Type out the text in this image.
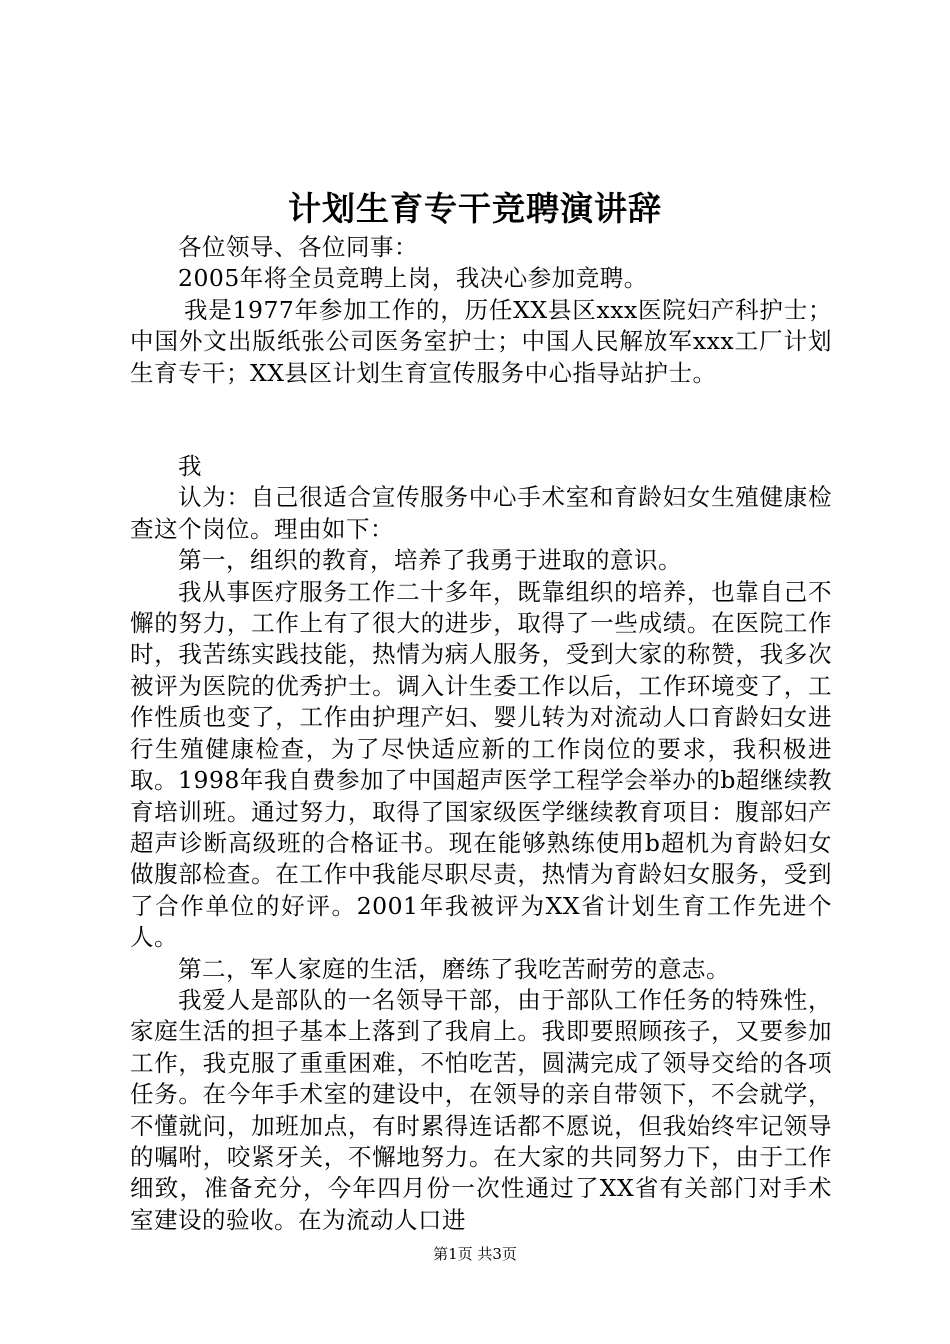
计划生育专干竞聘演讲辞

各位领导、各位同事：

2005年将全员竞聘上岗，我决心参加竞聘。

我是1977年参加工作的，历任XX县区xxx医院妇产科护士；中国外文出版纸张公司医务室护士；中国人民解放军xxx工厂计划生育专干；XX县区计划生育宣传服务中心指导站护士。

我

认为：自己很适合宣传服务中心手术室和育龄妇女生殖健康检查这个岗位。理由如下：

第一，组织的教育，培养了我勇于进取的意识。

我从事医疗服务工作二十多年，既靠组织的培养，也靠自己不懈的努力，工作上有了很大的进步，取得了一些成绩。在医院工作时，我苦练实践技能，热情为病人服务，受到大家的称赞，我多次被评为医院的优秀护士。调入计生委工作以后，工作环境变了，工作性质也变了，工作由护理产妇、婴儿转为对流动人口育龄妇女进行生殖健康检查，为了尽快适应新的工作岗位的要求，我积极进取。1998年我自费参加了中国超声医学工程学会举办的b超继续教育培训班。通过努力，取得了国家级医学继续教育项目：腹部妇产超声诊断高级班的合格证书。现在能够熟练使用b超机为育龄妇女做腹部检查。在工作中我能尽职尽责，热情为育龄妇女服务，受到了合作单位的好评。2001年我被评为XX省计划生育工作先进个人。

第二，军人家庭的生活，磨练了我吃苦耐劳的意志。

我爱人是部队的一名领导干部，由于部队工作任务的特殊性，家庭生活的担子基本上落到了我肩上。我即要照顾孩子，又要参加工作，我克服了重重困难，不怕吃苦，圆满完成了领导交给的各项任务。在今年手术室的建设中，在领导的亲自带领下，不会就学，不懂就问，加班加点，有时累得连话都不愿说，但我始终牢记领导的嘱咐，咬紧牙关，不懈地努力。在大家的共同努力下，由于工作细致，准备充分，今年四月份一次性通过了XX省有关部门对手术室建设的验收。在为流动人口进

第1页 共3页
